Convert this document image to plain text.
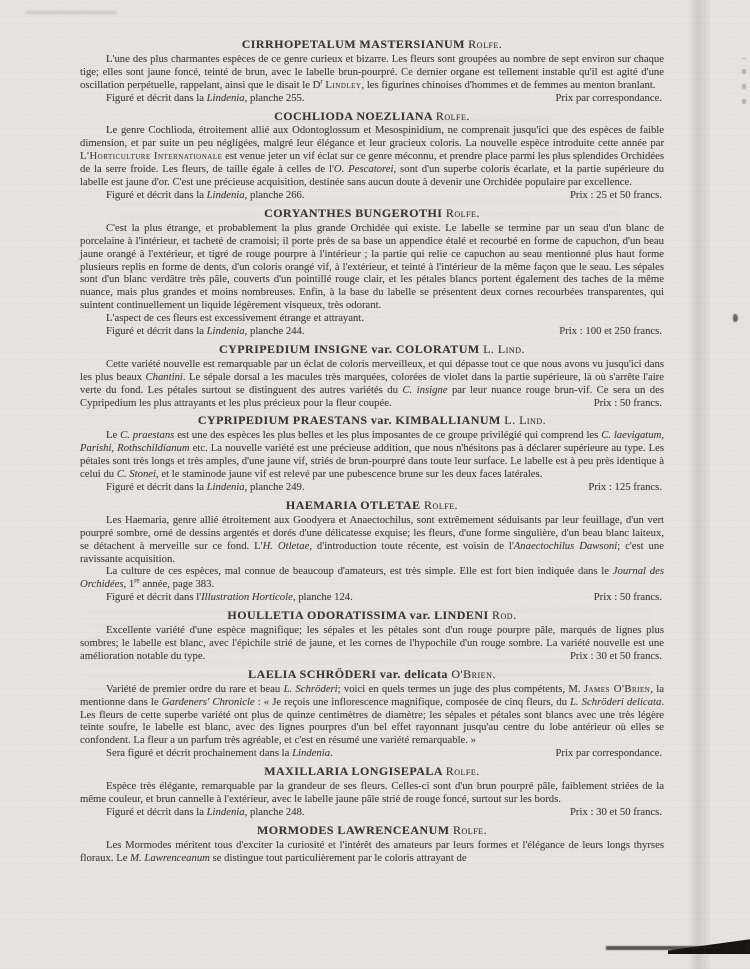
CIRRHOPETALUM MASTERSIANUM Rolfe.

L'une des plus charmantes espèces de ce genre curieux et bizarre. Les fleurs sont groupées au nombre de sept environ sur chaque tige; elles sont jaune foncé, teinté de brun, avec le labelle brun-pourpré. Ce dernier organe est tellement instable qu'il est agité d'une oscillation perpétuelle, rappelant, ainsi que le disait le $D^r$ Lindley, les figurines chinoises d'hommes et de femmes au menton branlant.

Figuré et décrit dans la Lindenia, planche 255.	Prix par correspondance.
COCHLIODA NOEZLIANA Rolfe.

Le genre Cochlioda, étroitement allié aux Odontoglossum et Mesospinidium, ne comprenait jusqu'ici que des espèces de faible dimension, et par suite un peu négligées, malgré leur élégance et leur gracieux coloris. La nouvelle espèce introduite cette année par L'Horticulture Internationale est venue jeter un vif éclat sur ce genre méconnu, et prendre place parmi les plus splendides Orchidées de la serre froide. Les fleurs, de taille égale à celles de l'O. Pescatorei, sont d'un superbe coloris écarlate, et la partie supérieure du labelle est jaune d'or. C'est une précieuse acquisition, destinée sans aucun doute à devenir une Orchidée populaire par excellence.

Figuré et décrit dans la Lindenia, planche 266.	Prix : 25 et 50 francs.
CORYANTHES BUNGEROTHI Rolfe.

C'est la plus étrange, et probablement la plus grande Orchidée qui existe. Le labelle se termine par un seau d'un blanc de porcelaine à l'intérieur, et tacheté de cramoisi; il porte près de sa base un appendice étalé et recourbé en forme de capuchon, d'un beau jaune orangé à l'extérieur, et tigré de rouge pourpre à l'intérieur ; la partie qui relie ce capuchon au seau mentionné plus haut forme plusieurs replis en forme de dents, d'un coloris orangé vif, à l'extérieur, et teinté à l'intérieur de la même façon que le seau. Les sépales sont d'un blanc verdâtre très pâle, couverts d'un pointillé rouge clair, et les pétales blancs portent également des taches de la même nuance, mais plus grandes et moins nombreuses. Enfin, à la base du labelle se présentent deux cornes recourbées transparentes, qui suintent continuellement un liquide légèrement visqueux, très odorant.

L'aspect de ces fleurs est excessivement étrange et attrayant.

Figuré et décrit dans la Lindenia, planche 244.	Prix : 100 et 250 francs.
CYPRIPEDIUM INSIGNE var. COLORATUM L. Lind.

Cette variété nouvelle est remarquable par un éclat de coloris merveilleux, et qui dépasse tout ce que nous avons vu jusqu'ici dans les plus beaux Chantini. Le sépale dorsal a les macules très marquées, colorées de violet dans la partie supérieure, là où s'arrête l'aire verte du fond. Les pétales surtout se distinguent des autres variétés du C. insigne par leur nuance rouge brun-vif. Ce sera un des Cypripedium les plus attrayants et les plus précieux pour la fleur coupée.	Prix : 50 francs.

CYPRIPEDIUM PRAESTANS var. KIMBALLIANUM L. Lind.

Le C. praestans est une des espèces les plus belles et les plus imposantes de ce groupe privilégié qui comprend les C. laevigatum, Parishi, Rothschildianum etc. La nouvelle variété est une précieuse addition, que nous n'hésitons pas à déclarer supérieure au type. Les pétales sont très longs et très amples, d'une jaune vif, striés de brun-pourpré dans toute leur surface. Le labelle est à peu près identique à celui du C. Stonei, et le staminode jaune vif est relevé par une pubescence brune sur les deux faces latérales.

Figuré et décrit dans la Lindenia, planche 249.	Prix : 125 francs.
HAEMARIA OTLETAE Rolfe.

Les Haemaria, genre allié étroitement aux Goodyera et Anaectochilus, sont extrêmement séduisants par leur feuillage, d'un vert pourpré sombre, orné de dessins argentés et dorés d'une délicatesse exquise; les fleurs, d'une forme singulière, d'un beau blanc laiteux, se détachent à merveille sur ce fond. L'H. Otletae, d'introduction toute récente, est voisin de l'Anaectochilus Dawsoni; c'est une ravissante acquisition.

La culture de ces espèces, mal connue de beaucoup d'amateurs, est très simple. Elle est fort bien indiquée dans le Journal des Orchidées, 1re année, page 383.

Figuré et décrit dans l'Illustration Horticole, planche 124.	Prix : 50 francs.
HOULLETIA ODORATISSIMA var. LINDENI Rod.

Excellente variété d'une espèce magnifique; les sépales et les pétales sont d'un rouge pourpre pâle, marqués de lignes plus sombres; le labelle est blanc, avec l'épichile strié de jaune, et les cornes de l'hypochile d'un rouge sombre. La variété nouvelle est une amélioration notable du type.	Prix : 30 et 50 francs.

LAELIA SCHRÖDERI var. delicata O'Brien.

Variété de premier ordre du rare et beau L. Schröderi; voici en quels termes un juge des plus compétents, M. James O'Brien, la mentionne dans le Gardeners' Chronicle : « Je reçois une inflorescence magnifique, composée de cinq fleurs, du L. Schröderi delicata. Les fleurs de cette superbe variété ont plus de quinze centimètres de diamètre; les sépales et pétales sont blancs avec une très légère teinte soufre, le labelle est blanc, avec des lignes pourpres d'un bel effet rayonnant jusqu'au centre du lobe antérieur où elles se confondent. La fleur a un parfum très agréable, et c'est en résumé une variété remarquable. »

Sera figuré et décrit prochainement dans la Lindenia.	Prix par correspondance.
MAXILLARIA LONGISEPALA Rolfe.

Espèce très élégante, remarquable par la grandeur de ses fleurs. Celles-ci sont d'un brun pourpré pâle, faiblement striées de la même couleur, et brun cannelle à l'extérieur, avec le labelle jaune pâle strié de rouge foncé, surtout sur les bords.

Figuré et décrit dans la Lindenia, planche 248.	Prix : 30 et 50 francs.
MORMODES LAWRENCEANUM Rolfe.

Les Mormodes méritent tous d'exciter la curiosité et l'intérêt des amateurs par leurs formes et l'élégance de leurs longs thyrses floraux. Le M. Lawrenceanum se distingue tout particulièrement par le coloris attrayant de
